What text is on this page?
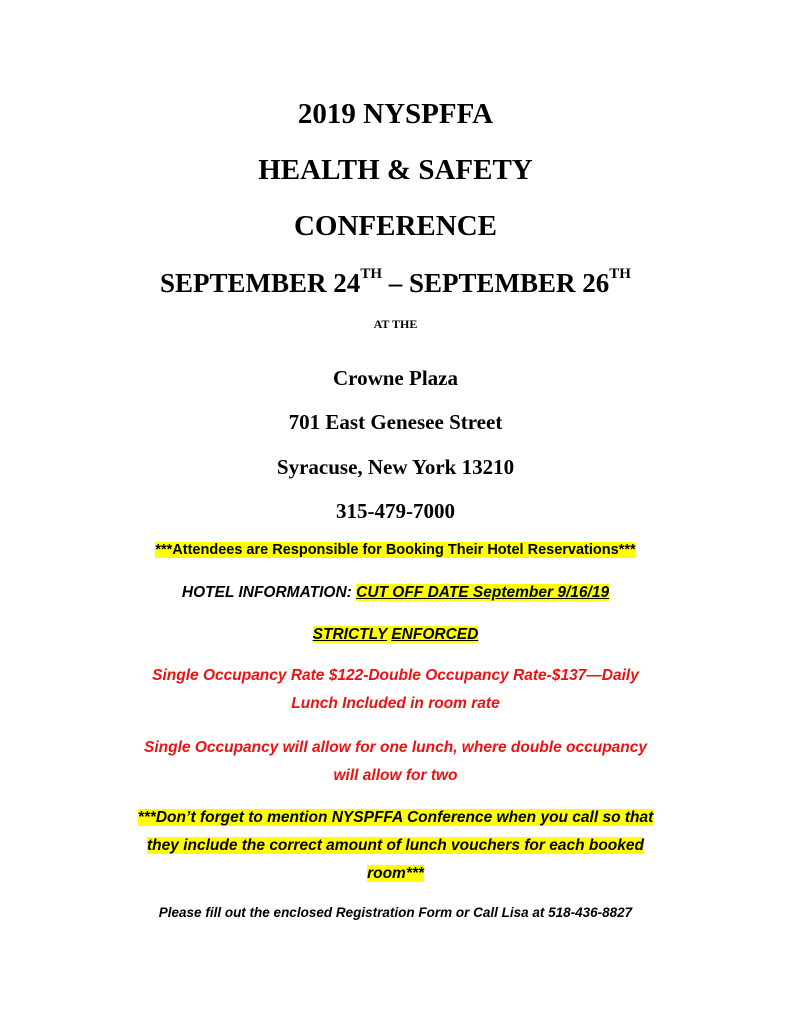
2019 NYSPFFA
HEALTH & SAFETY
CONFERENCE
SEPTEMBER 24TH – SEPTEMBER 26TH
AT THE
Crowne Plaza
701 East Genesee Street
Syracuse, New York 13210
315-479-7000
***Attendees are Responsible for Booking Their Hotel Reservations***
HOTEL INFORMATION: CUT OFF DATE September 9/16/19
STRICTLY ENFORCED
Single Occupancy Rate $122-Double Occupancy Rate-$137—Daily
Lunch Included in room rate
Single Occupancy will allow for one lunch, where double occupancy
will allow for two
***Don’t forget to mention NYSPFFA Conference when you call so that
they include the correct amount of lunch vouchers for each booked
room***
Please fill out the enclosed Registration Form or Call Lisa at 518-436-8827
